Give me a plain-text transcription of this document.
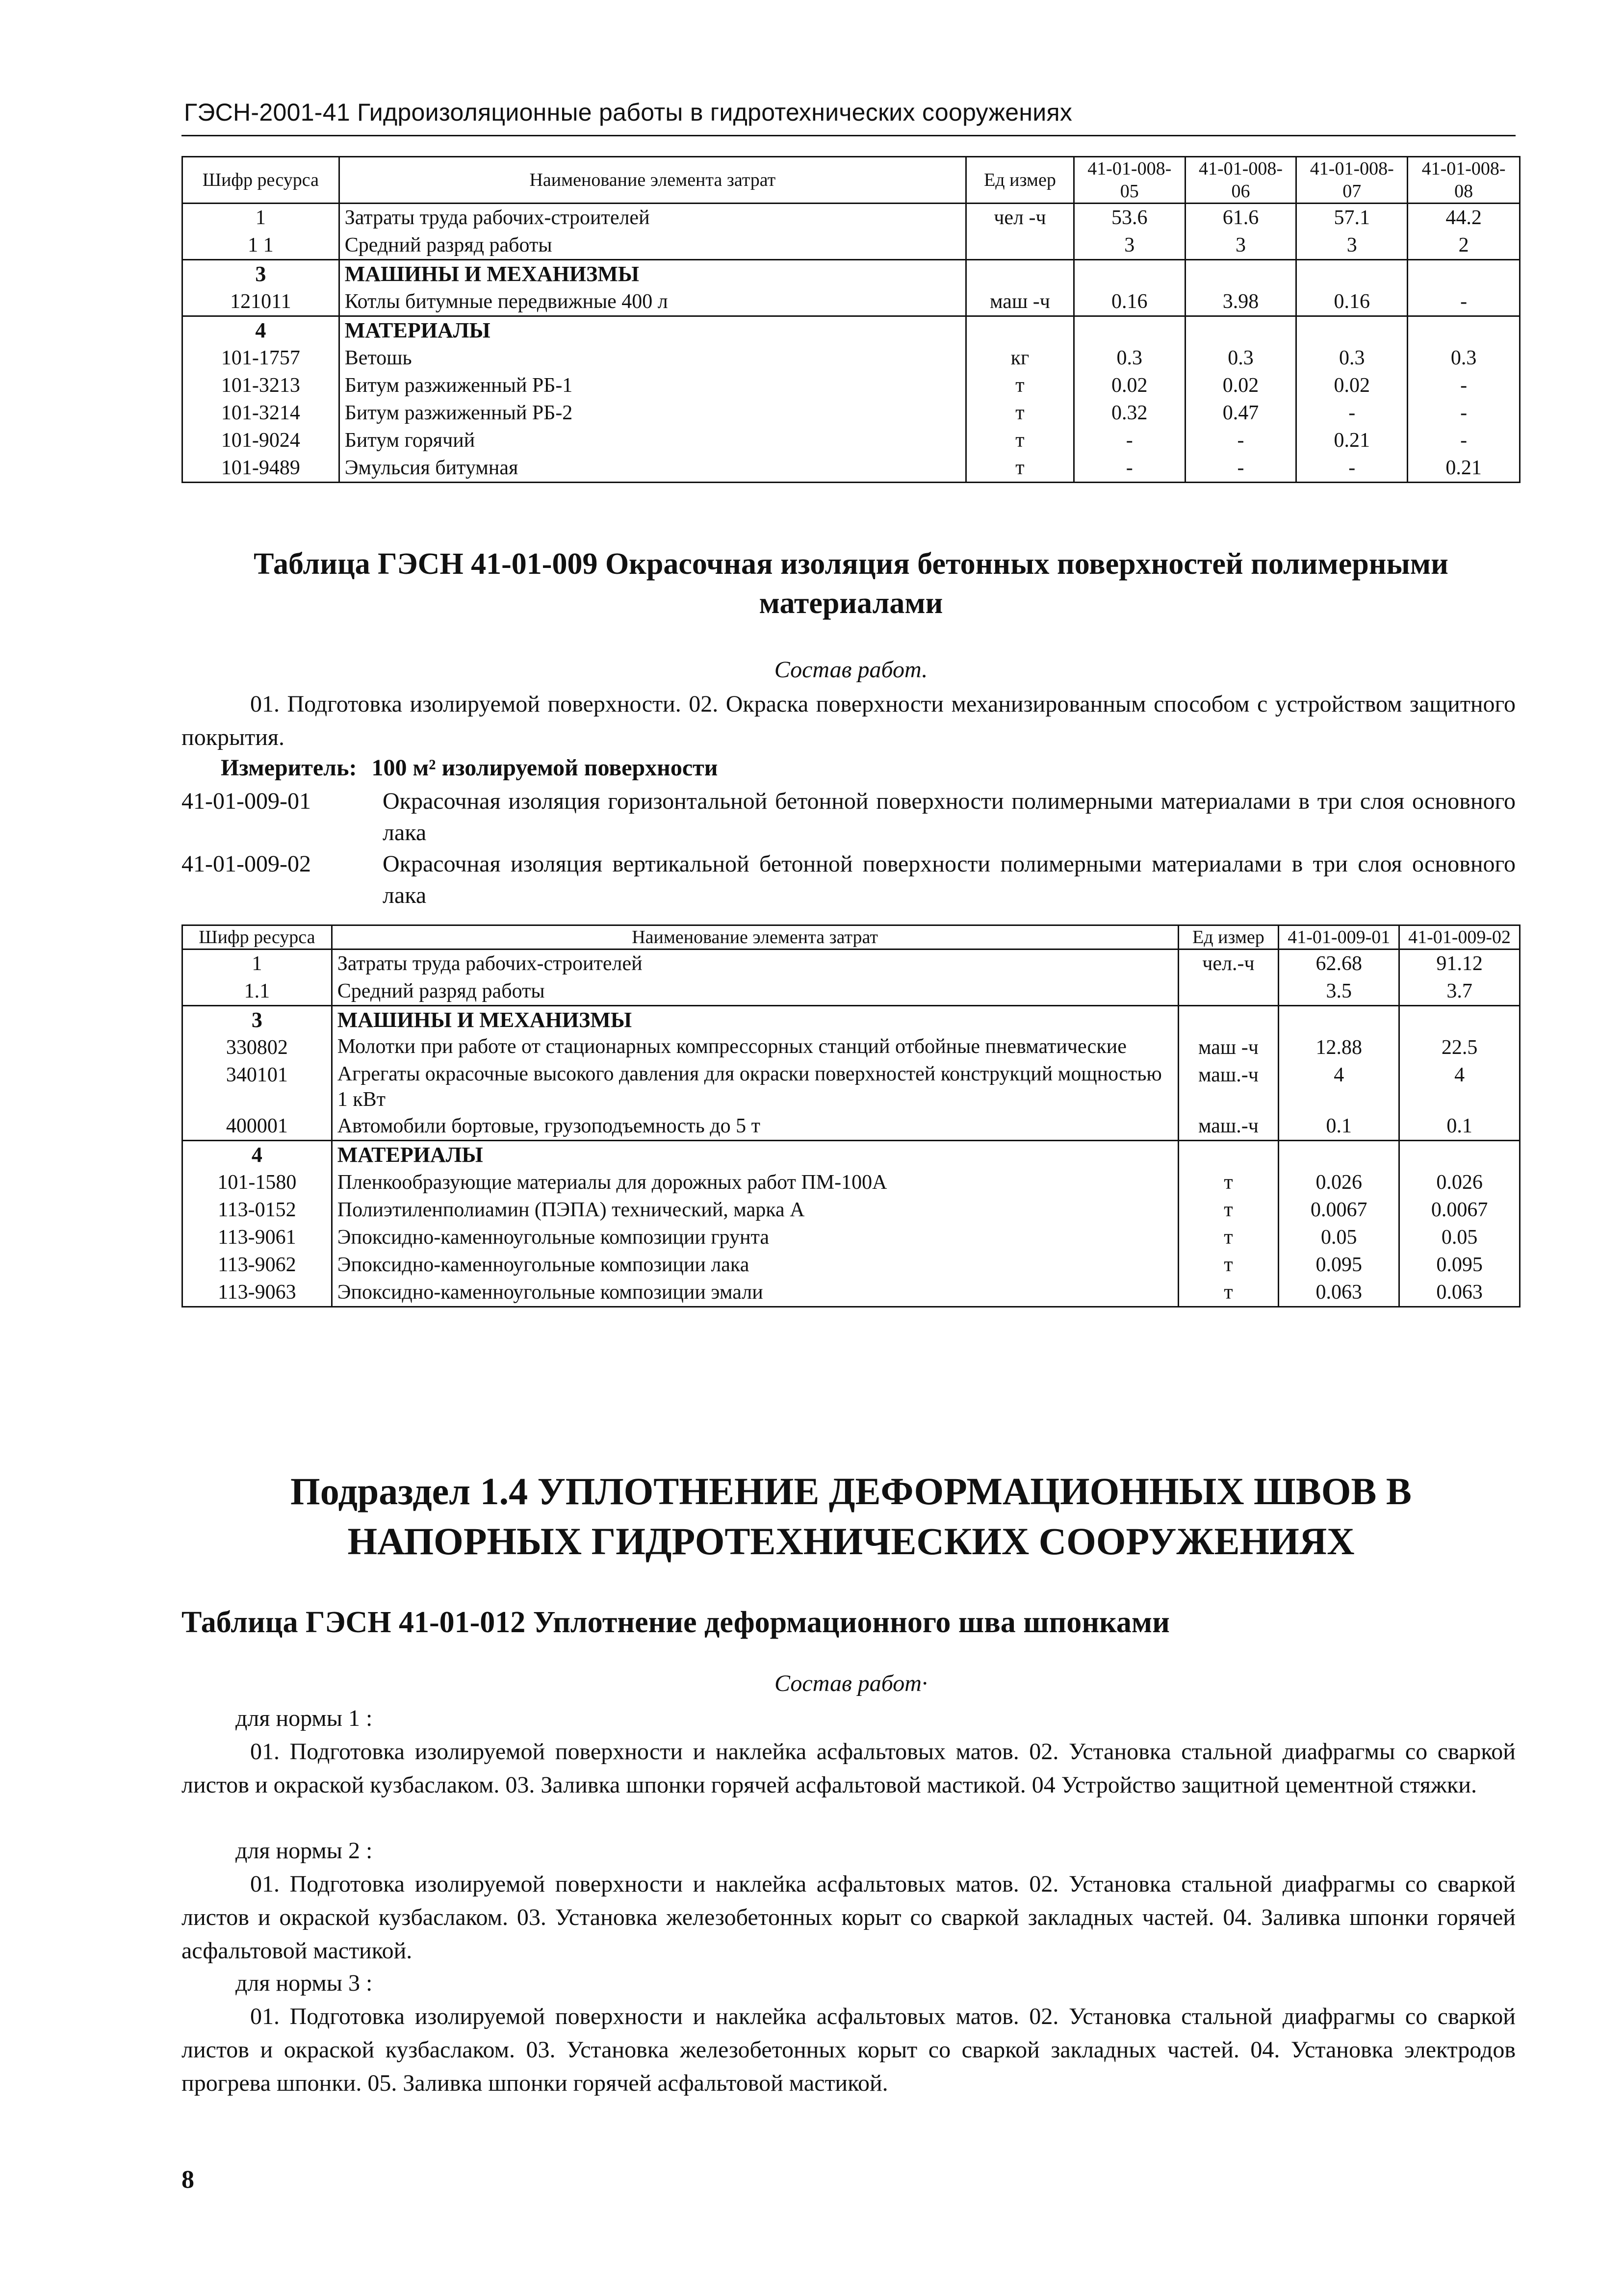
ГЭСН-2001-41 Гидроизоляционные работы в гидротехнических сооружениях
Шифр ресурса	Наименование элемента затрат	Ед измер	41-01-008-05	41-01-008-06	41-01-008-07	41-01-008-08
1	Затраты труда рабочих-строителей	чел -ч	53.6	61.6	57.1	44.2
1 1	Средний разряд работы		3	3	3	2
3	МАШИНЫ И МЕХАНИЗМЫ					
121011	Котлы битумные передвижные 400 л	маш -ч	0.16	3.98	0.16	-
4	МАТЕРИАЛЫ					
101-1757	Ветошь	кг	0.3	0.3	0.3	0.3
101-3213	Битум разжиженный РБ-1	т	0.02	0.02	0.02	-
101-3214	Битум разжиженный РБ-2	т	0.32	0.47	-	-
101-9024	Битум горячий	т	-	-	0.21	-
101-9489	Эмульсия битумная	т	-	-	-	0.21
Таблица ГЭСН 41-01-009 Окрасочная изоляция бетонных поверхностей полимерными
материалами
Состав работ.
01. Подготовка изолируемой поверхности. 02. Окраска поверхности механизированным способом с устройством защитного покрытия.
Измеритель: 100 м² изолируемой поверхности
41-01-009-01	Окрасочная изоляция горизонтальной бетонной поверхности полимерными материалами в три слоя основного лака
41-01-009-02	Окрасочная изоляция вертикальной бетонной поверхности полимерными материалами в три слоя основного лака
Шифр ресурса	Наименование элемента затрат	Ед измер	41-01-009-01	41-01-009-02
1	Затраты труда рабочих-строителей	чел.-ч	62.68	91.12
1.1	Средний разряд работы		3.5	3.7
3	МАШИНЫ И МЕХАНИЗМЫ			
330802	Молотки при работе от стационарных компрессорных станций отбойные пневматические	маш -ч	12.88	22.5
340101	Агрегаты окрасочные высокого давления для окраски поверхностей конструкций мощностью 1 кВт	маш.-ч	4	4
400001	Автомобили бортовые, грузоподъемность до 5 т	маш.-ч	0.1	0.1
4	МАТЕРИАЛЫ			
101-1580	Пленкообразующие материалы для дорожных работ ПМ-100А	т	0.026	0.026
113-0152	Полиэтиленполиамин (ПЭПА) технический, марка А	т	0.0067	0.0067
113-9061	Эпоксидно-каменноугольные композиции грунта	т	0.05	0.05
113-9062	Эпоксидно-каменноугольные композиции лака	т	0.095	0.095
113-9063	Эпоксидно-каменноугольные композиции эмали	т	0.063	0.063
Подраздел 1.4 УПЛОТНЕНИЕ ДЕФОРМАЦИОННЫХ ШВОВ В
НАПОРНЫХ ГИДРОТЕХНИЧЕСКИХ СООРУЖЕНИЯХ
Таблица ГЭСН 41-01-012 Уплотнение деформационного шва шпонками
Состав работ·
для нормы 1 :
01. Подготовка изолируемой поверхности и наклейка асфальтовых матов. 02. Установка стальной диафрагмы со сваркой листов и окраской кузбаслаком. 03. Заливка шпонки горячей асфальтовой мастикой. 04 Устройство защитной цементной стяжки.
для нормы 2 :
01. Подготовка изолируемой поверхности и наклейка асфальтовых матов. 02. Установка стальной диафрагмы со сваркой листов и окраской кузбаслаком. 03. Установка железобетонных корыт со сваркой закладных частей. 04. Заливка шпонки горячей асфальтовой мастикой.
для нормы 3 :
01. Подготовка изолируемой поверхности и наклейка асфальтовых матов. 02. Установка стальной диафрагмы со сваркой листов и окраской кузбаслаком. 03. Установка железобетонных корыт со сваркой закладных частей. 04. Установка электродов прогрева шпонки. 05. Заливка шпонки горячей асфальтовой мастикой.
8
